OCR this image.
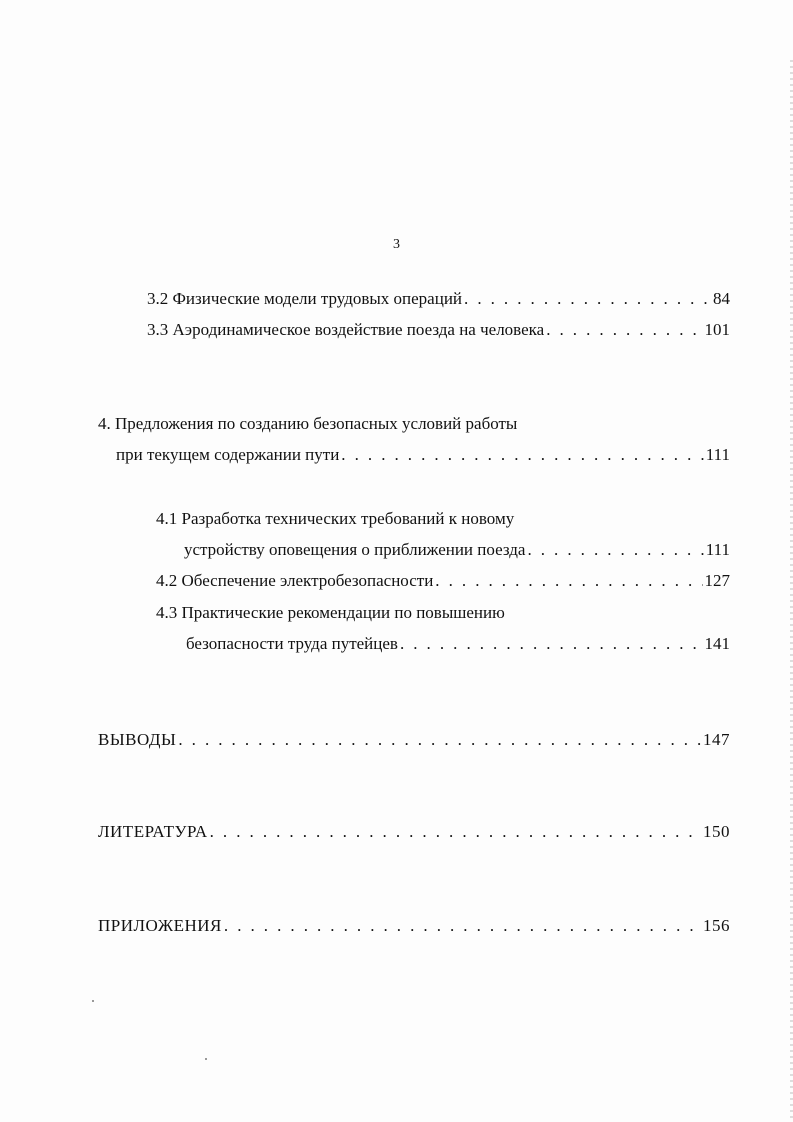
3
3.2 Физические модели трудовых операций . . .	84
3.3 Аэродинамическое воздействие поезда на человека . . .	101
4. Предложения по созданию безопасных условий работы
при текущем содержании пути . . .	111
4.1 Разработка технических требований к новому
устройству оповещения о приближении поезда . . .	111
4.2 Обеспечение электробезопасности . . .	127
4.3 Практические рекомендации по повышению
безопасности труда путейцев . . .	141
ВЫВОДЫ . . .	147
ЛИТЕРАТУРА . . .	150
ПРИЛОЖЕНИЯ . . .	156
